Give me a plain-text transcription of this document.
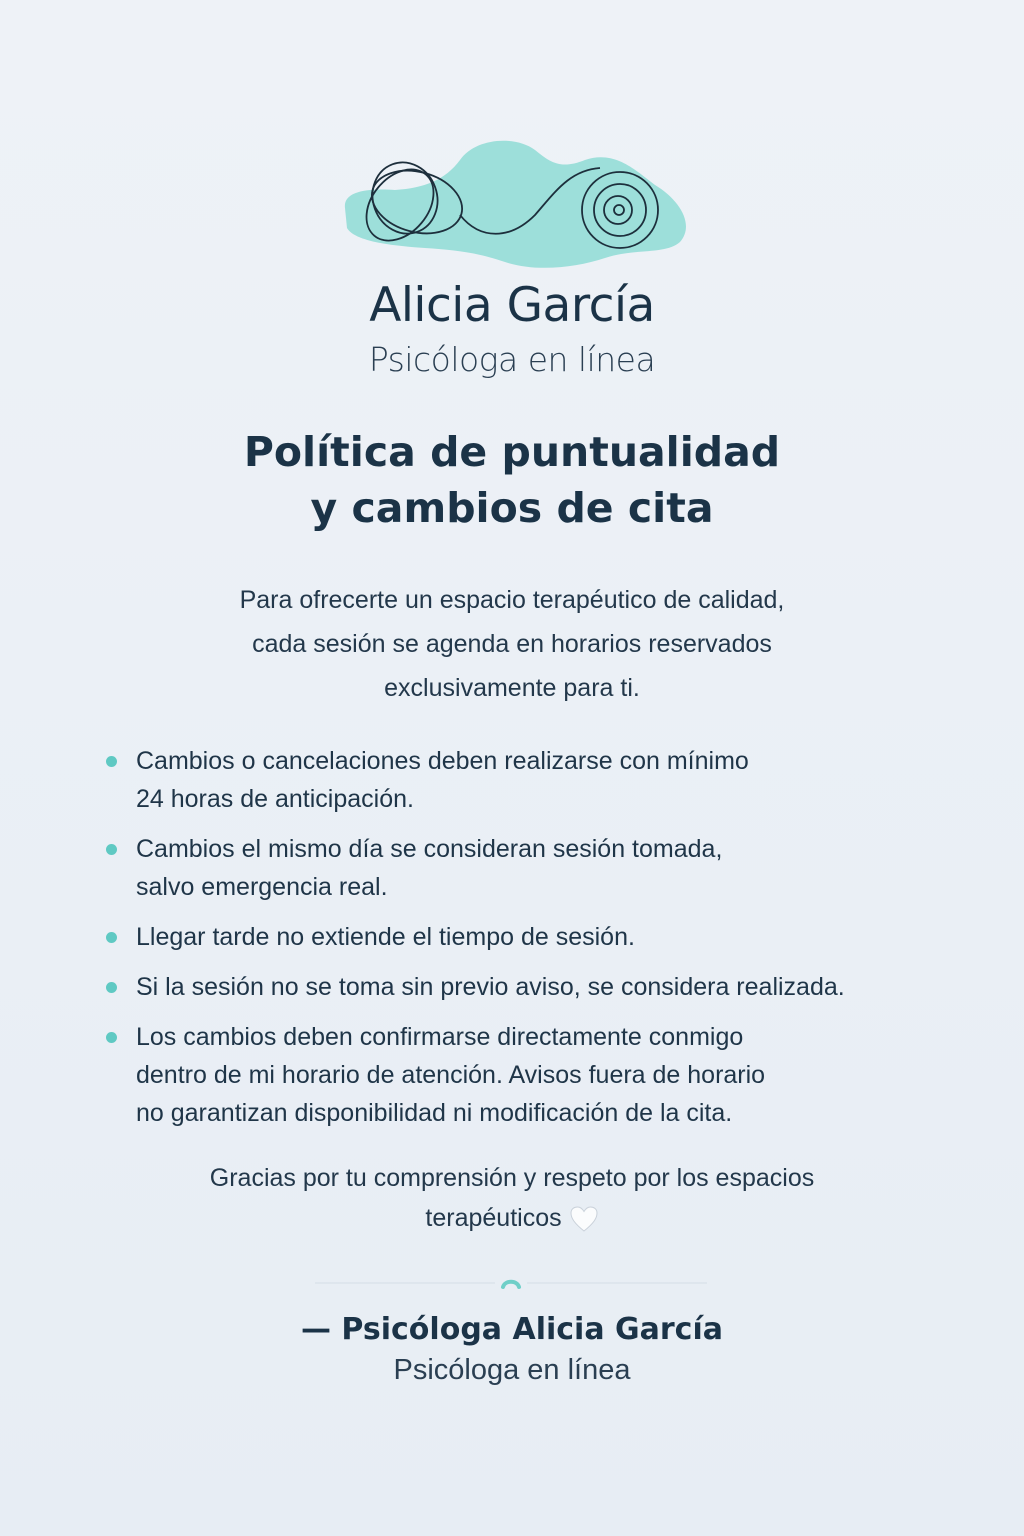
Alicia García
Psicóloga en línea
Política de puntualidad
y cambios de cita
Para ofrecerte un espacio terapéutico de calidad,
cada sesión se agenda en horarios reservados
exclusivamente para ti.
Cambios o cancelaciones deben realizarse con mínimo
24 horas de anticipación.
Cambios el mismo día se consideran sesión tomada,
salvo emergencia real.
Llegar tarde no extiende el tiempo de sesión.
Si la sesión no se toma sin previo aviso, se considera realizada.
Los cambios deben confirmarse directamente conmigo
dentro de mi horario de atención. Avisos fuera de horario
no garantizan disponibilidad ni modificación de la cita.
Gracias por tu comprensión y respeto por los espacios
terapéuticos
— Psicóloga Alicia García
Psicóloga en línea
